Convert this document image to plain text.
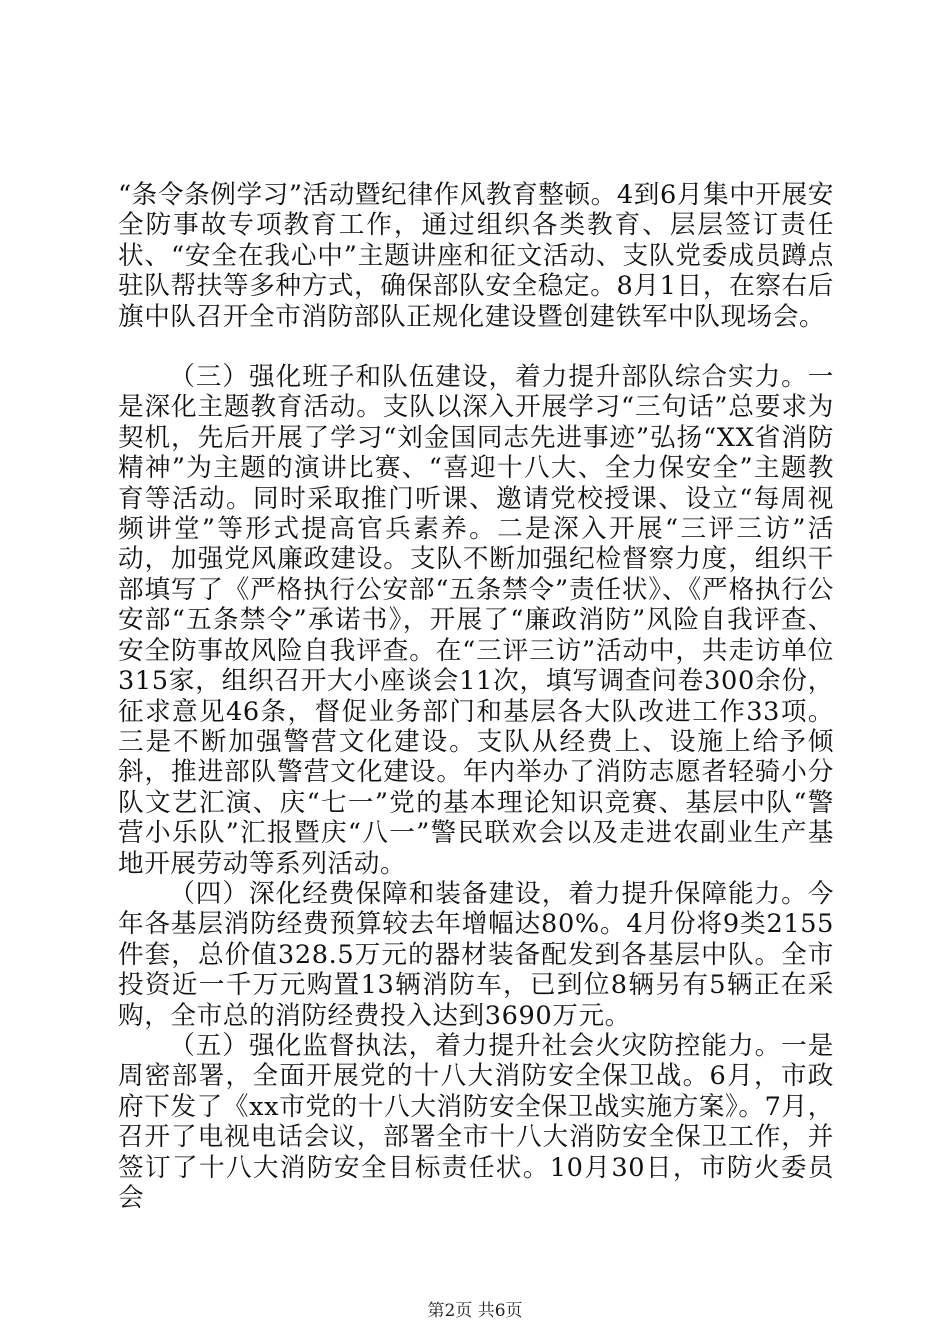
“条令条例学习”活动暨纪律作风教育整顿。4到6月集中开展安全防事故专项教育工作，通过组织各类教育、层层签订责任状、“安全在我心中”主题讲座和征文活动、支队党委成员蹲点驻队帮扶等多种方式，确保部队安全稳定。8月1日，在察右后旗中队召开全市消防部队正规化建设暨创建铁军中队现场会。

（三）强化班子和队伍建设，着力提升部队综合实力。一是深化主题教育活动。支队以深入开展学习“三句话”总要求为契机，先后开展了学习“刘金国同志先进事迹”弘扬“XX省消防精神”为主题的演讲比赛、“喜迎十八大、全力保安全”主题教育等活动。同时采取推门听课、邀请党校授课、设立“每周视频讲堂”等形式提高官兵素养。二是深入开展“三评三访”活动，加强党风廉政建设。支队不断加强纪检督察力度，组织干部填写了《严格执行公安部“五条禁令”责任状》、《严格执行公安部“五条禁令”承诺书》，开展了“廉政消防”风险自我评查、安全防事故风险自我评查。在“三评三访”活动中，共走访单位315家，组织召开大小座谈会11次，填写调查问卷300余份，征求意见46条，督促业务部门和基层各大队改进工作33项。三是不断加强警营文化建设。支队从经费上、设施上给予倾斜，推进部队警营文化建设。年内举办了消防志愿者轻骑小分队文艺汇演、庆“七一”党的基本理论知识竞赛、基层中队“警营小乐队”汇报暨庆“八一”警民联欢会以及走进农副业生产基地开展劳动等系列活动。

（四）深化经费保障和装备建设，着力提升保障能力。今年各基层消防经费预算较去年增幅达80%。4月份将9类2155件套，总价值328.5万元的器材装备配发到各基层中队。全市投资近一千万元购置13辆消防车，已到位8辆另有5辆正在采购，全市总的消防经费投入达到3690万元。

（五）强化监督执法，着力提升社会火灾防控能力。一是周密部署，全面开展党的十八大消防安全保卫战。6月，市政府下发了《xx市党的十八大消防安全保卫战实施方案》。7月，召开了电视电话会议，部署全市十八大消防安全保卫工作，并签订了十八大消防安全目标责任状。10月30日，市防火委员会

第2页 共6页
